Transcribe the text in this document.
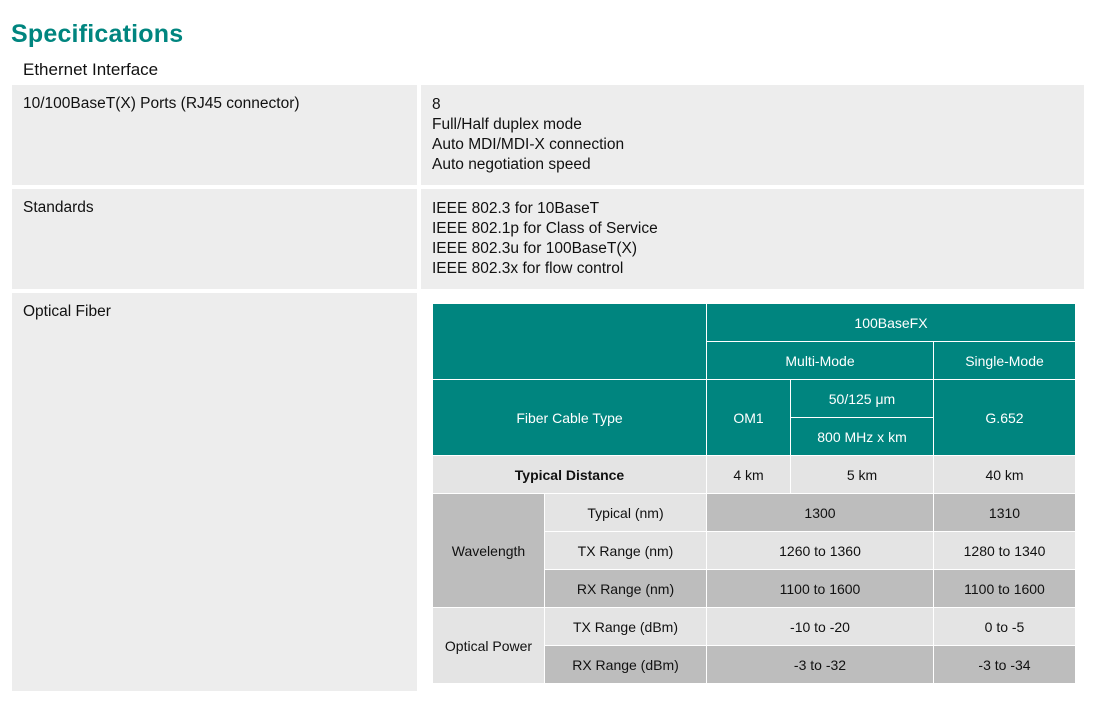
Specifications
Ethernet Interface
10/100BaseT(X) Ports (RJ45 connector)	8
Full/Half duplex mode
Auto MDI/MDI-X connection
Auto negotiation speed
Standards	IEEE 802.3 for 10BaseT
IEEE 802.1p for Class of Service
IEEE 802.3u for 100BaseT(X)
IEEE 802.3x for flow control
Optical Fiber
		100BaseFX		
		Multi-Mode		Single-Mode
Fiber Cable Type		OM1	50/125 μm	G.652
			800 MHz x km	
Typical Distance		4 km	5 km	40 km
Wavelength	Typical (nm)	1300		1310
	TX Range (nm)	1260 to 1360		1280 to 1340
	RX Range (nm)	1100 to 1600		1100 to 1600
Optical Power	TX Range (dBm)	-10 to -20		0 to -5
	RX Range (dBm)	-3 to -32		-3 to -34
